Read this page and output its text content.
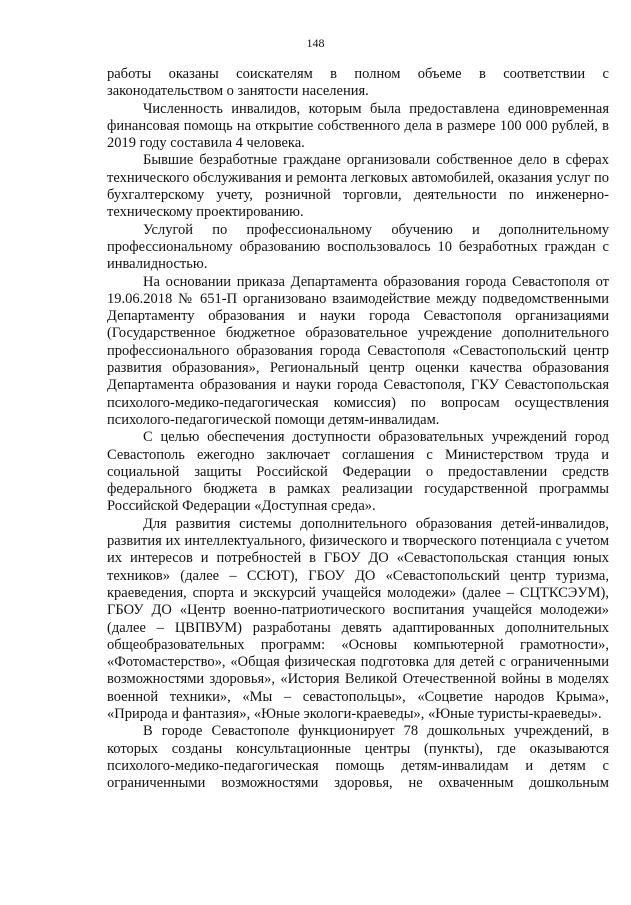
148

работы оказаны соискателям в полном объеме в соответствии с законодательством о занятости населения.

Численность инвалидов, которым была предоставлена единовременная финансовая помощь на открытие собственного дела в размере 100 000 рублей, в 2019 году составила 4 человека.

Бывшие безработные граждане организовали собственное дело в сферах технического обслуживания и ремонта легковых автомобилей, оказания услуг по бухгалтерскому учету, розничной торговли, деятельности по инженерно-техническому проектированию.

Услугой по профессиональному обучению и дополнительному профессиональному образованию воспользовалось 10 безработных граждан с инвалидностью.

На основании приказа Департамента образования города Севастополя от 19.06.2018 № 651-П организовано взаимодействие между подведомственными Департаменту образования и науки города Севастополя организациями (Государственное бюджетное образовательное учреждение дополнительного профессионального образования города Севастополя «Севастопольский центр развития образования», Региональный центр оценки качества образования Департамента образования и науки города Севастополя, ГКУ Севастопольская психолого-медико-педагогическая комиссия) по вопросам осуществления психолого-педагогической помощи детям-инвалидам.

С целью обеспечения доступности образовательных учреждений город Севастополь ежегодно заключает соглашения с Министерством труда и социальной защиты Российской Федерации о предоставлении средств федерального бюджета в рамках реализации государственной программы Российской Федерации «Доступная среда».

Для развития системы дополнительного образования детей-инвалидов, развития их интеллектуального, физического и творческого потенциала с учетом их интересов и потребностей в ГБОУ ДО «Севастопольская станция юных техников» (далее – ССЮТ), ГБОУ ДО «Севастопольский центр туризма, краеведения, спорта и экскурсий учащейся молодежи» (далее – СЦТКСЭУМ), ГБОУ ДО «Центр военно-патриотического воспитания учащейся молодежи» (далее – ЦВПВУМ) разработаны девять адаптированных дополнительных общеобразовательных программ: «Основы компьютерной грамотности», «Фотомастерство», «Общая физическая подготовка для детей с ограниченными возможностями здоровья», «История Великой Отечественной войны в моделях военной техники», «Мы – севастопольцы», «Соцветие народов Крыма», «Природа и фантазия», «Юные экологи-краеведы», «Юные туристы-краеведы».

В городе Севастополе функционирует 78 дошкольных учреждений, в которых созданы консультационные центры (пункты), где оказываются психолого-медико-педагогическая помощь детям-инвалидам и детям с ограниченными возможностями здоровья, не охваченным дошкольным
